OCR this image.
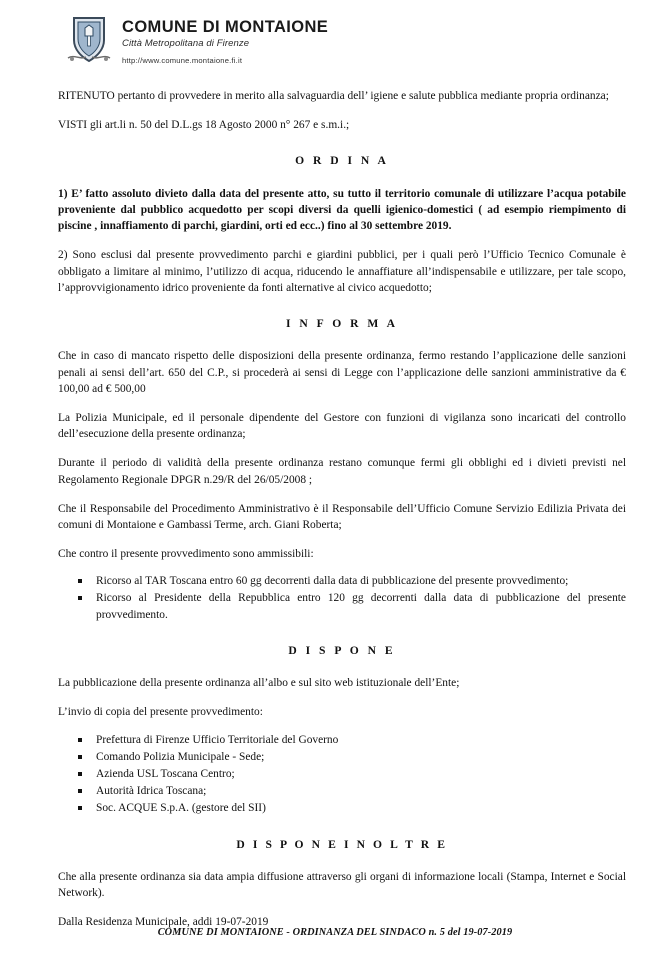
COMUNE DI MONTAIONE
Città Metropolitana di Firenze
http://www.comune.montaione.fi.it

RITENUTO pertanto di provvedere in merito alla salvaguardia dell’ igiene e salute pubblica mediante propria ordinanza;

VISTI gli art.li n. 50 del D.L.gs 18 Agosto 2000 n° 267 e s.m.i.;

O R D I N A

1) E’ fatto assoluto divieto dalla data del presente atto, su tutto il territorio comunale di utilizzare l’acqua potabile proveniente dal pubblico acquedotto per scopi diversi da quelli igienico-domestici ( ad esempio riempimento di piscine , innaffiamento di parchi, giardini, orti ed ecc..) fino al 30 settembre 2019.

2) Sono esclusi dal presente provvedimento parchi e giardini pubblici, per i quali però l’Ufficio Tecnico Comunale è obbligato a limitare al minimo, l’utilizzo di acqua, riducendo le annaffiature all’indispensabile e utilizzare, per tale scopo, l’approvvigionamento idrico proveniente da fonti alternative al civico acquedotto;

I N F O R M A

Che in caso di mancato rispetto delle disposizioni della presente ordinanza, fermo restando l’applicazione delle sanzioni penali ai sensi dell’art. 650 del C.P., si procederà ai sensi di Legge con l’applicazione delle sanzioni amministrative da € 100,00 ad € 500,00

La Polizia Municipale, ed il personale dipendente del Gestore con funzioni di vigilanza sono incaricati del controllo dell’esecuzione della presente ordinanza;

Durante il periodo di validità della presente ordinanza restano comunque fermi gli obblighi ed i divieti previsti nel Regolamento Regionale DPGR n.29/R del 26/05/2008 ;

Che il Responsabile del Procedimento Amministrativo è il Responsabile dell’Ufficio Comune Servizio Edilizia Privata dei comuni di Montaione e Gambassi Terme, arch. Giani Roberta;

Che contro il presente provvedimento sono ammissibili:

Ricorso al TAR Toscana entro 60 gg decorrenti dalla data di pubblicazione del presente provvedimento;
Ricorso al Presidente della Repubblica entro 120 gg decorrenti dalla data di pubblicazione del presente provvedimento.
D I S P O N E

La pubblicazione della presente ordinanza all’albo e sul sito web istituzionale dell’Ente;

L’invio di copia del presente provvedimento:

Prefettura di Firenze Ufficio Territoriale del Governo
Comando Polizia Municipale - Sede;
Azienda USL Toscana Centro;
Autorità Idrica Toscana;
Soc. ACQUE S.p.A. (gestore del SII)
D I S P O N E I N O L T R E

Che alla presente ordinanza sia data ampia diffusione attraverso gli organi di informazione locali (Stampa, Internet e Social Network).

Dalla Residenza Municipale, addi 19-07-2019

COMUNE DI MONTAIONE - ORDINANZA DEL SINDACO n. 5 del 19-07-2019
